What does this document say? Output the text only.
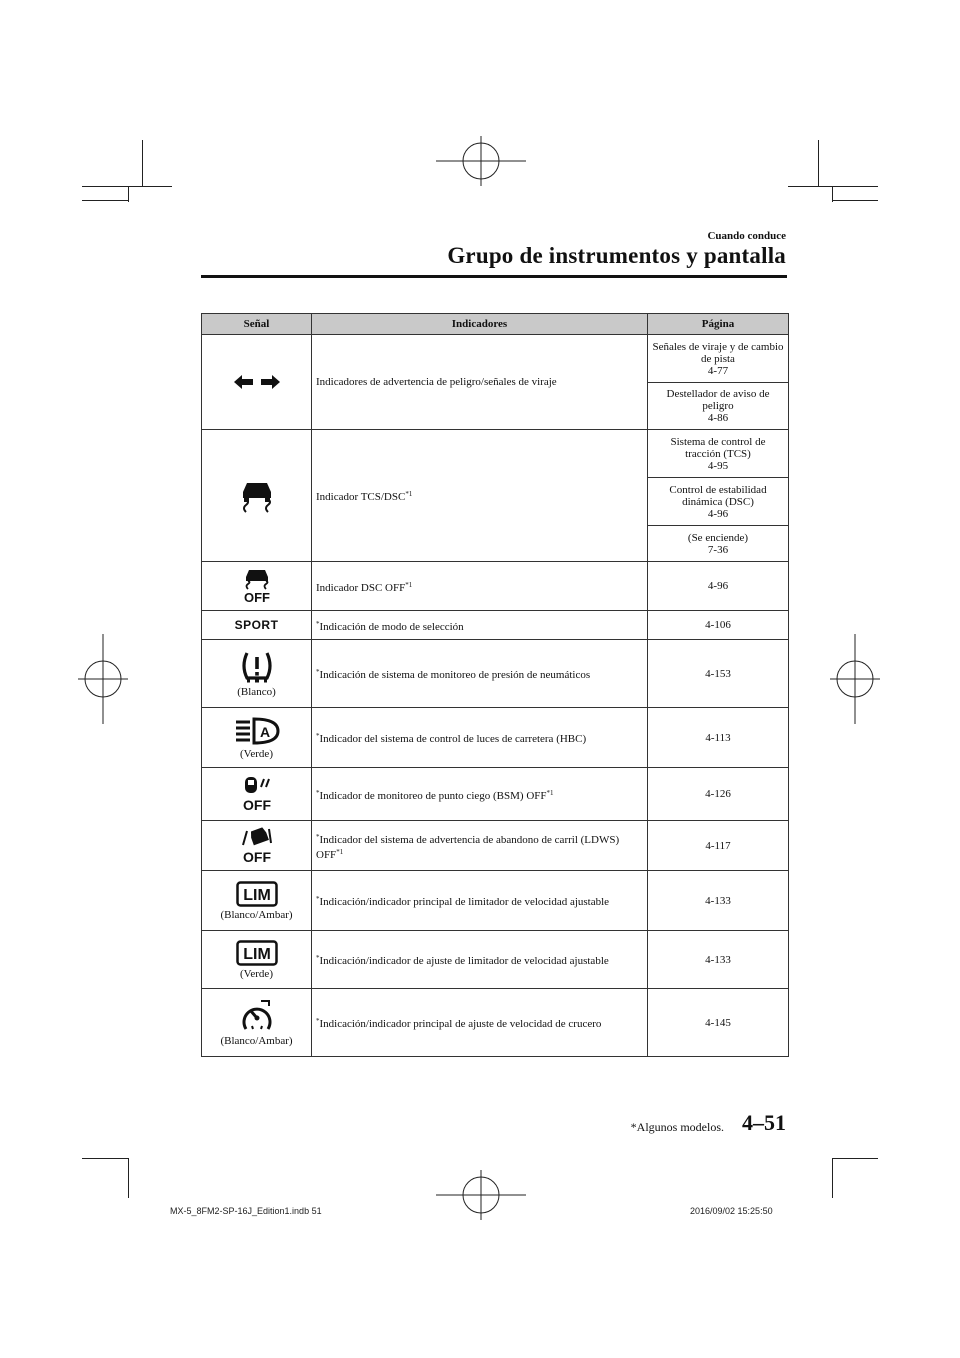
Cuando conduce
Grupo de instrumentos y pantalla
Señal	Indicadores	Página

	Indicadores de advertencia de peligro/señales de viraje	Señales de viraje y de cambio de pista
4-77
		Destellador de aviso de peligro
4-86

	Indicador TCS/DSC$^{*1}$	Sistema de control de tracción (TCS)
4-95
		Control de estabilidad dinámica (DSC)
4-96
		(Se enciende)
7-36

OFF	Indicador DSC OFF$^{*1}$	4-96
SPORT	*Indicación de modo de selección	4-106

(Blanco)	*Indicación de sistema de monitoreo de presión de neumáticos	4-153

A
(Verde)	*Indicador del sistema de control de luces de carretera (HBC)	4-113

OFF	*Indicador de monitoreo de punto ciego (BSM) OFF$^{*1}$	4-126

OFF	*Indicador del sistema de advertencia de abandono de carril (LDWS) OFF$^{*1}$	4-117

LIM
(Blanco/Ambar)	*Indicación/indicador principal de limitador de velocidad ajustable	4-133

LIM
(Verde)	*Indicación/indicador de ajuste de limitador de velocidad ajustable	4-133

(Blanco/Ambar)	*Indicación/indicador principal de ajuste de velocidad de crucero	4-145
*Algunos modelos. 4–51
MX-5_8FM2-SP-16J_Edition1.indb 51	2016/09/02 15:25:50
